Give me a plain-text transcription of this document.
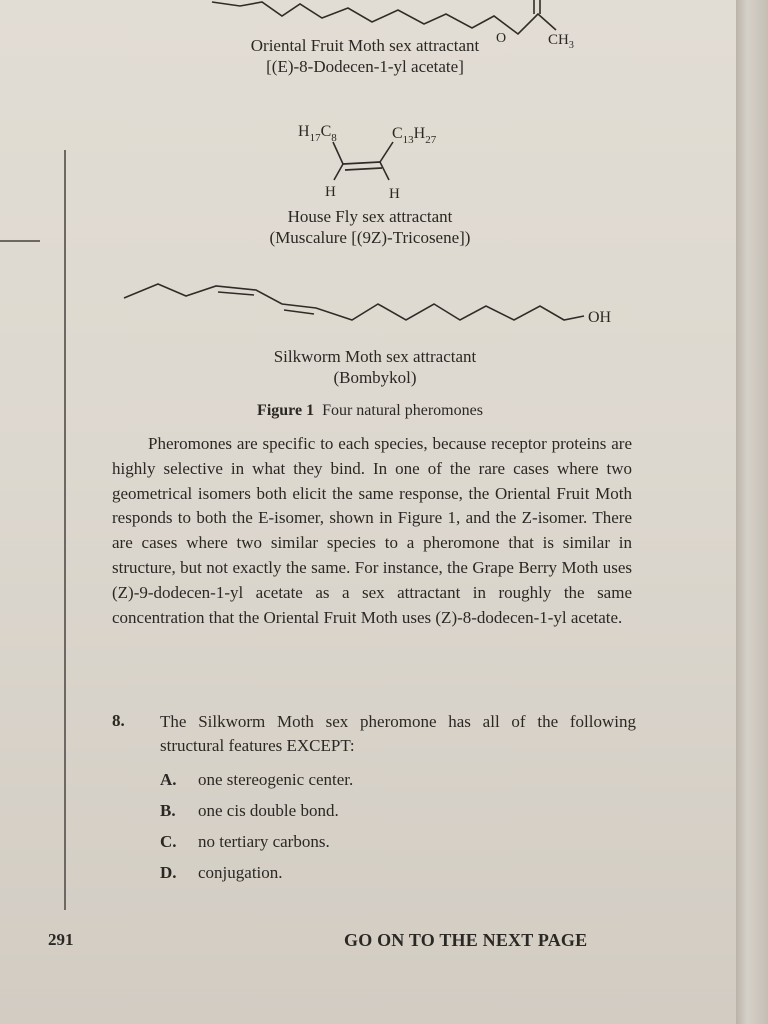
O	$CH_3$
Oriental Fruit Moth sex attractant
[(E)-8-Dodecen-1-yl acetate]
$H_{17}C_8$	$C_{13}H_{27}$
H	H
House Fly sex attractant
(Muscalure [(9Z)-Tricosene])
OH
Silkworm Moth sex attractant
(Bombykol)
Figure 1 Four natural pheromones

Pheromones are specific to each species, because receptor proteins are highly selective in what they bind. In one of the rare cases where two geometrical isomers both elicit the same response, the Oriental Fruit Moth responds to both the E-isomer, shown in Figure 1, and the Z-isomer. There are cases where two similar species to a pheromone that is similar in structure, but not exactly the same. For instance, the Grape Berry Moth uses (Z)-9-dodecen-1-yl acetate as a sex attractant in roughly the same concentration that the Oriental Fruit Moth uses (Z)-8-dodecen-1-yl acetate.

8. The Silkworm Moth sex pheromone has all of the following structural features EXCEPT:
A. one stereogenic center.
B. one cis double bond.
C. no tertiary carbons.
D. conjugation.
291	GO ON TO THE NEXT PAGE
